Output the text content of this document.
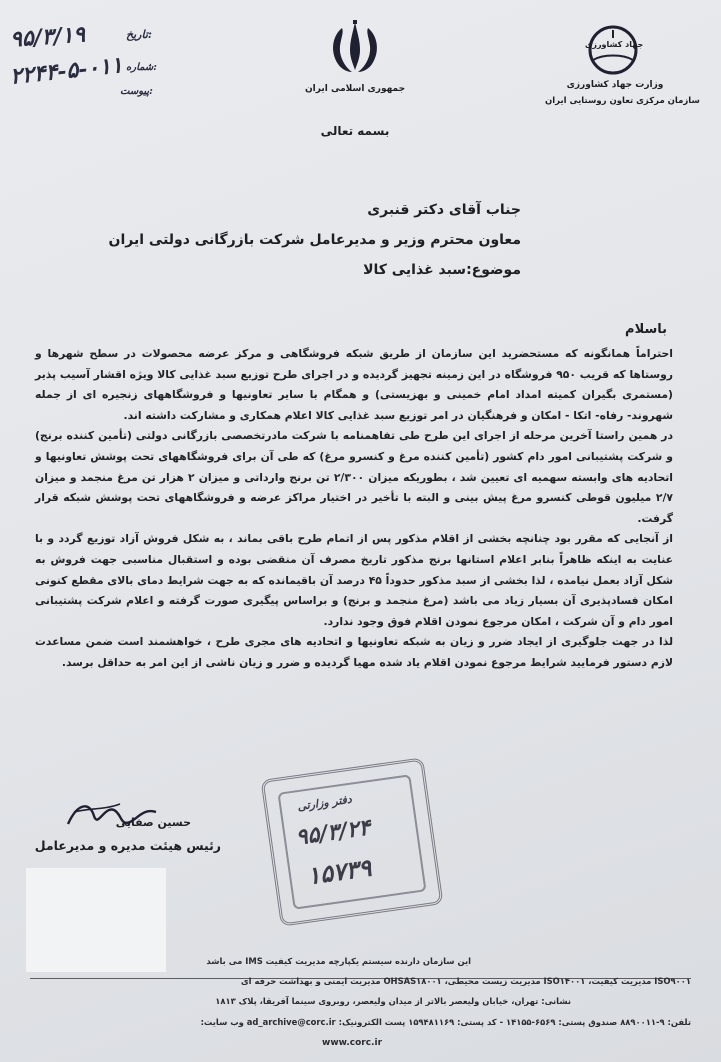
۹۵/۳/۱۹	تاریخ:
۲۲۴۴-۵-۰۱۱ شماره:
پیوست:	جمهوری اسلامی ایران
جهاد کشاورزی
وزارت جهاد کشاورزی
سازمان مرکزی تعاون روستایی ایران
بسمه تعالی
جناب آقای دکتر قنبری
معاون محترم وزیر و مدیرعامل شرکت بازرگانی دولتی ایران
موضوع:سبد غذایی کالا
باسلام

احتراماً همانگونه که مستحضرید این سازمان از طریق شبکه فروشگاهی و مرکز عرضه محصولات در سطح شهرها و روستاها که قریب ۹۵۰ فروشگاه در این زمینه تجهیز گردیده و در اجرای طرح توزیع سبد غذایی کالا ویژه اقشار آسیب پذیر (مستمری بگیران کمیته امداد امام خمینی و بهزیستی) و همگام با سایر تعاونیها و فروشگاههای زنجیره ای از جمله شهروند- رفاه- اتکا - امکان و فرهنگیان در امر توزیع سبد غذایی کالا اعلام همکاری و مشارکت داشته اند.

در همین راستا آخرین مرحله از اجرای این طرح طی تفاهمنامه با شرکت مادرتخصصی بازرگانی دولتی (تأمین کننده برنج) و شرکت پشتیبانی امور دام کشور (تأمین کننده مرغ و کنسرو مرغ) که طی آن برای فروشگاههای تحت پوشش تعاونیها و اتحادیه های وابسته سهمیه ای تعیین شد ، بطوریکه میزان ۲/۳۰۰ تن برنج وارداتی و میزان ۲ هزار تن مرغ منجمد و میزان ۲/۷ میلیون قوطی کنسرو مرغ پیش بینی و البته با تأخیر در اختیار مراکز عرضه و فروشگاههای تحت پوشش شبکه قرار گرفت.

از آنجایی که مقرر بود چنانچه بخشی از اقلام مذکور پس از اتمام طرح باقی بماند ، به شکل فروش آزاد توزیع گردد و با عنایت به اینکه ظاهراً بنابر اعلام استانها برنج مذکور تاریخ مصرف آن منقضی بوده و استقبال مناسبی جهت فروش به شکل آزاد بعمل نیامده ، لذا بخشی از سبد مذکور حدوداً ۴۵ درصد آن باقیمانده که به جهت شرایط دمای بالای مقطع کنونی امکان فسادپذیری آن بسیار زیاد می باشد (مرغ منجمد و برنج) و براساس پیگیری صورت گرفته و اعلام شرکت پشتیبانی امور دام و آن شرکت ، امکان مرجوع نمودن اقلام فوق وجود ندارد.

لذا در جهت جلوگیری از ایجاد ضرر و زیان به شبکه تعاونیها و اتحادیه های مجری طرح ، خواهشمند است ضمن مساعدت لازم دستور فرمایید شرایط مرجوع نمودن اقلام یاد شده مهیا گردیده و ضرر و زیان ناشی از این امر به حداقل برسد.

حسین صفایی
رئیس هیئت مدیره و مدیرعامل
دفتر وزارتی
۹۵/۳/۲۴
۱۵۷۳۹
این سازمان دارنده سیستم یکپارچه مدیریت کیفیت IMS می باشد
ISO۹۰۰۱ مدیریت کیفیت، ISO۱۴۰۰۱ مدیریت زیست محیطی، OHSAS۱۸۰۰۱ مدیریت ایمنی و بهداشت حرفه ای
نشانی: تهران، خیابان ولیعصر بالاتر از میدان ولیعصر، روبروی سینما آفریقا، پلاک ۱۸۱۳
تلفن: ۹-۸۸۹۰۰۱۱ صندوق پستی: ۶۵۶۹-۱۴۱۵۵ - کد پستی: ۱۵۹۴۸۱۱۶۹ پست الکترونیک: ad_archive@corc.ir وب سایت:
www.corc.ir
